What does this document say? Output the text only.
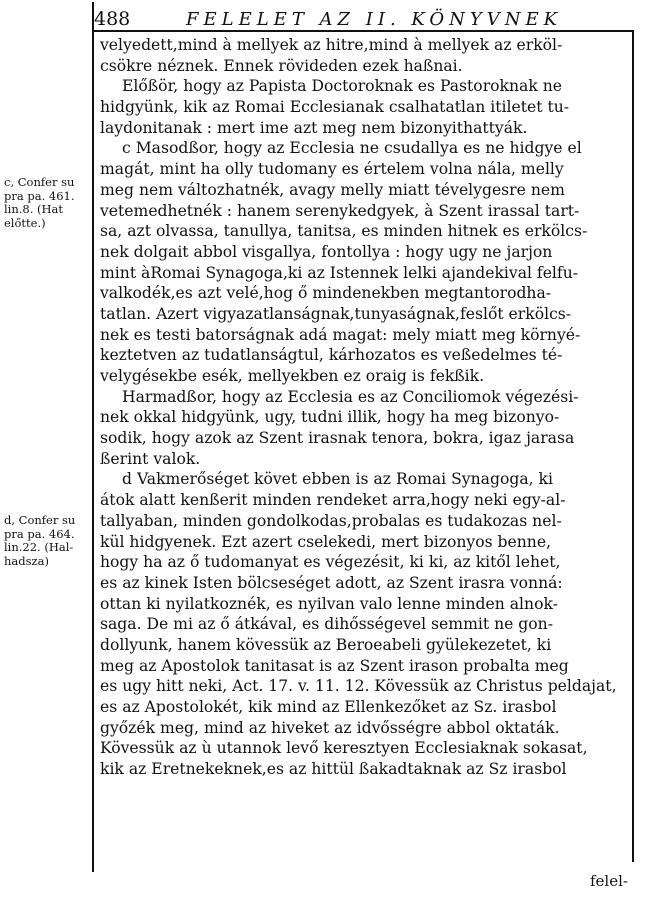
488	FELELET AZ II. KÖNYVNEK
c, Confer su
pra pa. 461.
lin.8. (Hat
előtte.)
d, Confer su
pra pa. 464.
lin.22. (Hal-
hadsza)
velyedett,mind à mellyek az hitre,mind à mellyek az erköl-
csökre néznek. Ennek rövideden ezek haßnai.
Előßör, hogy az Papista Doctoroknak es Pastoroknak ne
hidgyünk, kik az Romai Ecclesianak csalhatatlan itiletet tu-
laydonitanak : mert ime azt meg nem bizonyithattyák.
c Masodßor, hogy az Ecclesia ne csudallya es ne hidgye el
magát, mint ha olly tudomany es értelem volna nála, melly
meg nem változhatnék, avagy melly miatt tévelygesre nem
vetemedhetnék : hanem serenykedgyek, à Szent irassal tart-
sa, azt olvassa, tanullya, tanitsa, es minden hitnek es erkölcs-
nek dolgait abbol visgallya, fontollya : hogy ugy ne jarjon
mint àRomai Synagoga,ki az Istennek lelki ajandekival felfu-
valkodék,es azt velé,hog ő mindenekben megtantorodha-
tatlan. Azert vigyazatlanságnak,tunyaságnak,feslőt erkölcs-
nek es testi batorságnak adá magat: mely miatt meg környé-
keztetven az tudatlanságtul, kárhozatos es veßedelmes té-
velygésekbe esék, mellyekben ez oraig is fekßik.
Harmadßor, hogy az Ecclesia es az Conciliomok végezési-
nek okkal hidgyünk, ugy, tudni illik, hogy ha meg bizonyo-
sodik, hogy azok az Szent irasnak tenora, bokra, igaz jarasa
ßerint valok.
d Vakmerőséget követ ebben is az Romai Synagoga, ki
átok alatt kenßerit minden rendeket arra,hogy neki egy-al-
tallyaban, minden gondolkodas,probalas es tudakozas nel-
kül hidgyenek. Ezt azert cselekedi, mert bizonyos benne,
hogy ha az ő tudomanyat es végezésit, ki ki, az kitől lehet,
es az kinek Isten bölcseséget adott, az Szent irasra vonná:
ottan ki nyilatkoznék, es nyilvan valo lenne minden alnok-
saga. De mi az ő átkával, es dihősségevel semmit ne gon-
dollyunk, hanem kövessük az Beroeabeli gyülekezetet, ki
meg az Apostolok tanitasat is az Szent irason probalta meg
es ugy hitt neki, Act. 17. v. 11. 12. Kövessük az Christus peldajat,
es az Apostolokét, kik mind az Ellenkezőket az Sz. irasbol
győzék meg, mind az hiveket az idvősségre abbol oktaták.
Kövessük az ù utannok levő keresztyen Ecclesiaknak sokasat,
kik az Eretnekeknek,es az hittül ßakadtaknak az Sz irasbol
felel-
